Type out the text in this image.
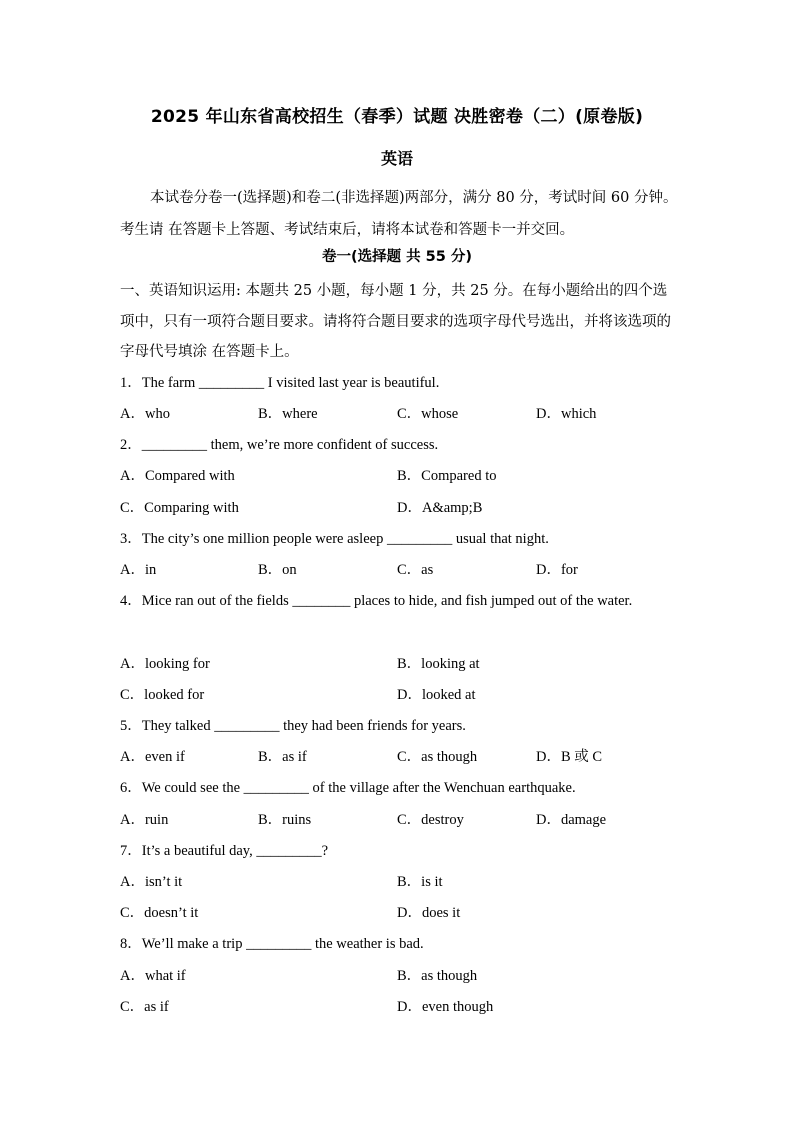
2025 年山东省高校招生（春季）试题 决胜密卷（二）(原卷版)
英语

本试卷分卷一(选择题)和卷二(非选择题)两部分，满分 80 分，考试时间 60 分钟。考生请 在答题卡上答题、考试结束后，请将本试卷和答题卡一并交回。

卷一(选择题 共 55 分)

一、英语知识运用: 本题共 25 小题，每小题 1 分，共 25 分。在每小题给出的四个选项中，只有一项符合题目要求。请将符合题目要求的选项字母代号选出，并将该选项的字母代号填涂 在答题卡上。

1．The farm _________ I visited last year is beautiful.
A．who	B．where	C．whose	D．which
2．_________ them, we’re more confident of success.
A．Compared with	B．Compared to
C．Comparing with	D．A&amp;B
3．The city’s one million people were asleep _________ usual that night.
A．in	B．on	C．as	D．for
4．Mice ran out of the fields ________ places to hide, and fish jumped out of the water.
A．looking for	B．looking at
C．looked for	D．looked at
5．They talked _________ they had been friends for years.
A．even if	B．as if	C．as though	D．B 或 C
6．We could see the _________ of the village after the Wenchuan earthquake.
A．ruin	B．ruins	C．destroy	D．damage
7．It’s a beautiful day, _________?
A．isn’t it	B．is it
C．doesn’t it	D．does it
8．We’ll make a trip _________ the weather is bad.
A．what if	B．as though
C．as if	D．even though
